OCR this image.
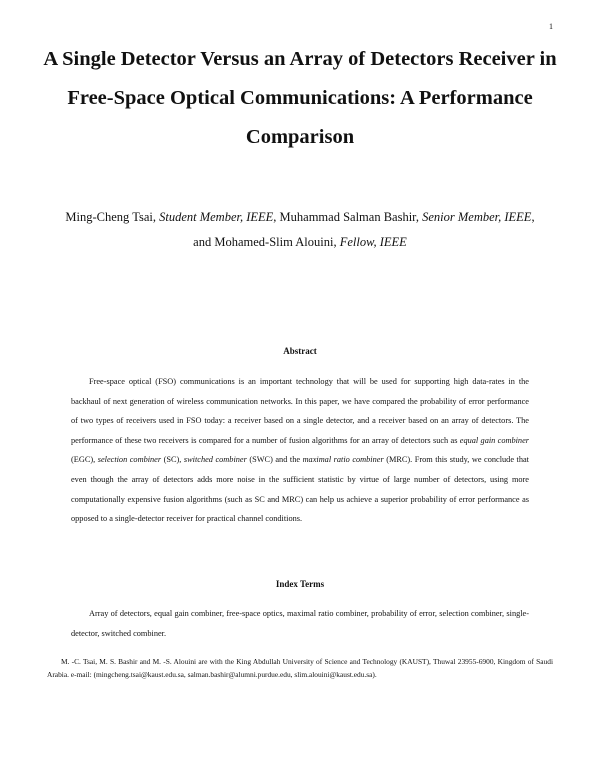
1
A Single Detector Versus an Array of Detectors Receiver in Free-Space Optical Communications: A Performance Comparison
Ming-Cheng Tsai, Student Member, IEEE, Muhammad Salman Bashir, Senior Member, IEEE,
and Mohamed-Slim Alouini, Fellow, IEEE
Abstract

Free-space optical (FSO) communications is an important technology that will be used for supporting high data-rates in the backhaul of next generation of wireless communication networks. In this paper, we have compared the probability of error performance of two types of receivers used in FSO today: a receiver based on a single detector, and a receiver based on an array of detectors. The performance of these two receivers is compared for a number of fusion algorithms for an array of detectors such as equal gain combiner (EGC), selection combiner (SC), switched combiner (SWC) and the maximal ratio combiner (MRC). From this study, we conclude that even though the array of detectors adds more noise in the sufficient statistic by virtue of large number of detectors, using more computationally expensive fusion algorithms (such as SC and MRC) can help us achieve a superior probability of error performance as opposed to a single-detector receiver for practical channel conditions.

Index Terms

Array of detectors, equal gain combiner, free-space optics, maximal ratio combiner, probability of error, selection combiner, single-detector, switched combiner.

M. -C. Tsai, M. S. Bashir and M. -S. Alouini are with the King Abdullah University of Science and Technology (KAUST), Thuwal 23955-6900, Kingdom of Saudi Arabia. e-mail: (mingcheng.tsai@kaust.edu.sa, salman.bashir@alumni.purdue.edu, slim.alouini@kaust.edu.sa).
